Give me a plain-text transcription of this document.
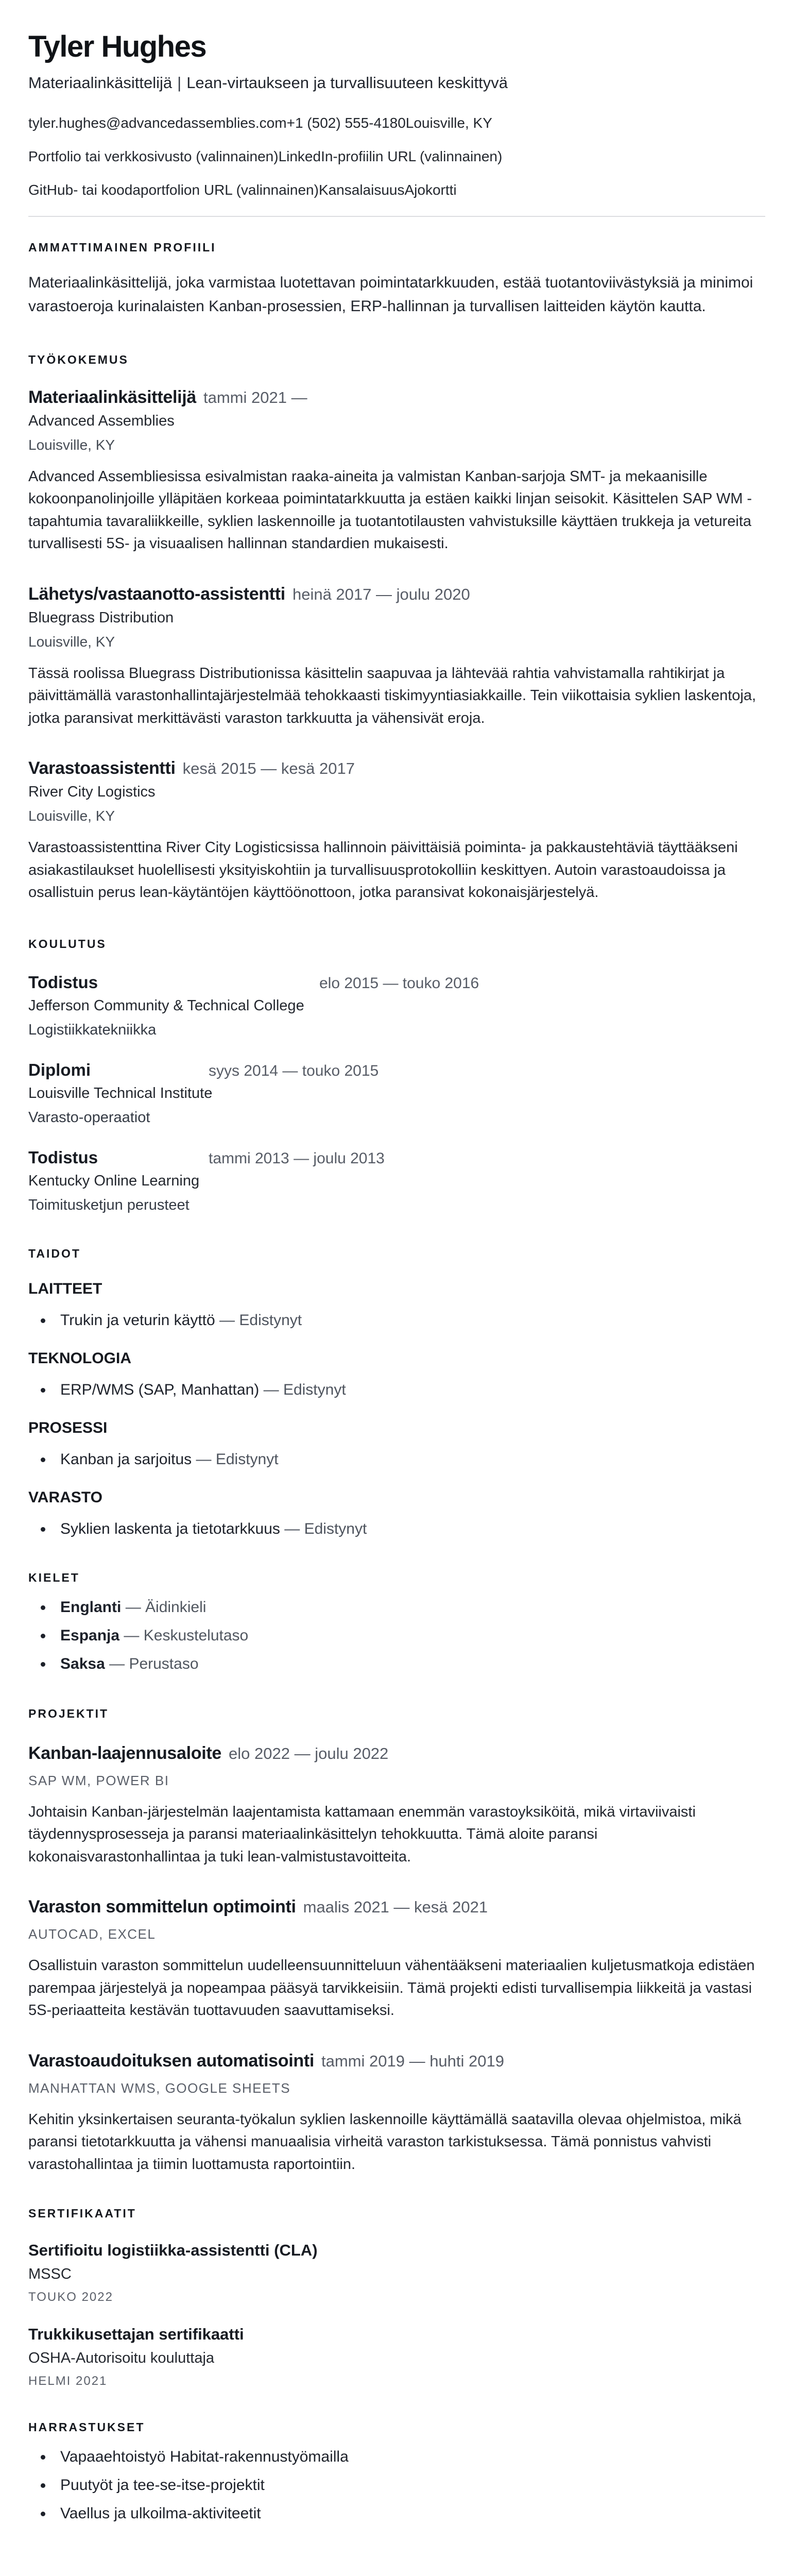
Tyler Hughes
Materiaalinkäsittelijä | Lean-virtaukseen ja turvallisuuteen keskittyvä
tyler.hughes@advancedassemblies.com+1 (502) 555-4180Louisville, KY
Portfolio tai verkkosivusto (valinnainen)LinkedIn-profiilin URL (valinnainen)
GitHub- tai koodaportfolion URL (valinnainen)KansalaisuusAjokortti
AMMATTIMAINEN PROFIILI

Materiaalinkäsittelijä, joka varmistaa luotettavan poimintatarkkuuden, estää tuotantoviivästyksiä ja minimoi varastoeroja kurinalaisten Kanban-prosessien, ERP-hallinnan ja turvallisen laitteiden käytön kautta.

TYÖKOKEMUS
Materiaalinkäsittelijä tammi 2021 —
Advanced Assemblies
Louisville, KY

Advanced Assembliesissa esivalmistan raaka-aineita ja valmistan Kanban-sarjoja SMT- ja mekaanisille kokoonpanolinjoille ylläpitäen korkeaa poimintatarkkuutta ja estäen kaikki linjan seisokit. Käsittelen SAP WM -tapahtumia tavaraliikkeille, syklien laskennoille ja tuotantotilausten vahvistuksille käyttäen trukkeja ja vetureita turvallisesti 5S- ja visuaalisen hallinnan standardien mukaisesti.

Lähetys/vastaanotto-assistentti heinä 2017 — joulu 2020
Bluegrass Distribution
Louisville, KY

Tässä roolissa Bluegrass Distributionissa käsittelin saapuvaa ja lähtevää rahtia vahvistamalla rahtikirjat ja päivittämällä varastonhallintajärjestelmää tehokkaasti tiskimyyntiasiakkaille. Tein viikottaisia syklien laskentoja, jotka paransivat merkittävästi varaston tarkkuutta ja vähensivät eroja.

Varastoassistentti kesä 2015 — kesä 2017
River City Logistics
Louisville, KY

Varastoassistenttina River City Logisticsissa hallinnoin päivittäisiä poiminta- ja pakkaustehtäviä täyttääkseni asiakastilaukset huolellisesti yksityiskohtiin ja turvallisuusprotokolliin keskittyen. Autoin varastoaudoissa ja osallistuin perus lean-käytäntöjen käyttöönottoon, jotka paransivat kokonaisjärjestelyä.

KOULUTUS
Todistus	elo 2015 — touko 2016
Jefferson Community & Technical College
Logistiikkatekniikka
Diplomi	syys 2014 — touko 2015
Louisville Technical Institute
Varasto-operaatiot
Todistus	tammi 2013 — joulu 2013
Kentucky Online Learning
Toimitusketjun perusteet
TAIDOT
LAITTEET
• Trukin ja veturin käyttö — Edistynyt
TEKNOLOGIA
• ERP/WMS (SAP, Manhattan) — Edistynyt
PROSESSI
• Kanban ja sarjoitus — Edistynyt
VARASTO
• Syklien laskenta ja tietotarkkuus — Edistynyt
KIELET
• Englanti — Äidinkieli
• Espanja — Keskustelutaso
• Saksa — Perustaso
PROJEKTIT
Kanban-laajennusaloite elo 2022 — joulu 2022
SAP WM, POWER BI

Johtaisin Kanban-järjestelmän laajentamista kattamaan enemmän varastoyksiköitä, mikä virtaviivaisti täydennysprosesseja ja paransi materiaalinkäsittelyn tehokkuutta. Tämä aloite paransi kokonaisvarastonhallintaa ja tuki lean-valmistustavoitteita.

Varaston sommittelun optimointi maalis 2021 — kesä 2021
AUTOCAD, EXCEL

Osallistuin varaston sommittelun uudelleensuunnitteluun vähentääkseni materiaalien kuljetusmatkoja edistäen parempaa järjestelyä ja nopeampaa pääsyä tarvikkeisiin. Tämä projekti edisti turvallisempia liikkeitä ja vastasi 5S-periaatteita kestävän tuottavuuden saavuttamiseksi.

Varastoaudoituksen automatisointi tammi 2019 — huhti 2019
MANHATTAN WMS, GOOGLE SHEETS

Kehitin yksinkertaisen seuranta-työkalun syklien laskennoille käyttämällä saatavilla olevaa ohjelmistoa, mikä paransi tietotarkkuutta ja vähensi manuaalisia virheitä varaston tarkistuksessa. Tämä ponnistus vahvisti varastohallintaa ja tiimin luottamusta raportointiin.

SERTIFIKAATIT
Sertifioitu logistiikka-assistentti (CLA)
MSSC
TOUKO 2022
Trukkikusettajan sertifikaatti
OSHA-Autorisoitu kouluttaja
HELMI 2021
HARRASTUKSET
• Vapaaehtoistyö Habitat-rakennustyömailla
• Puutyöt ja tee-se-itse-projektit
• Vaellus ja ulkoilma-aktiviteetit
